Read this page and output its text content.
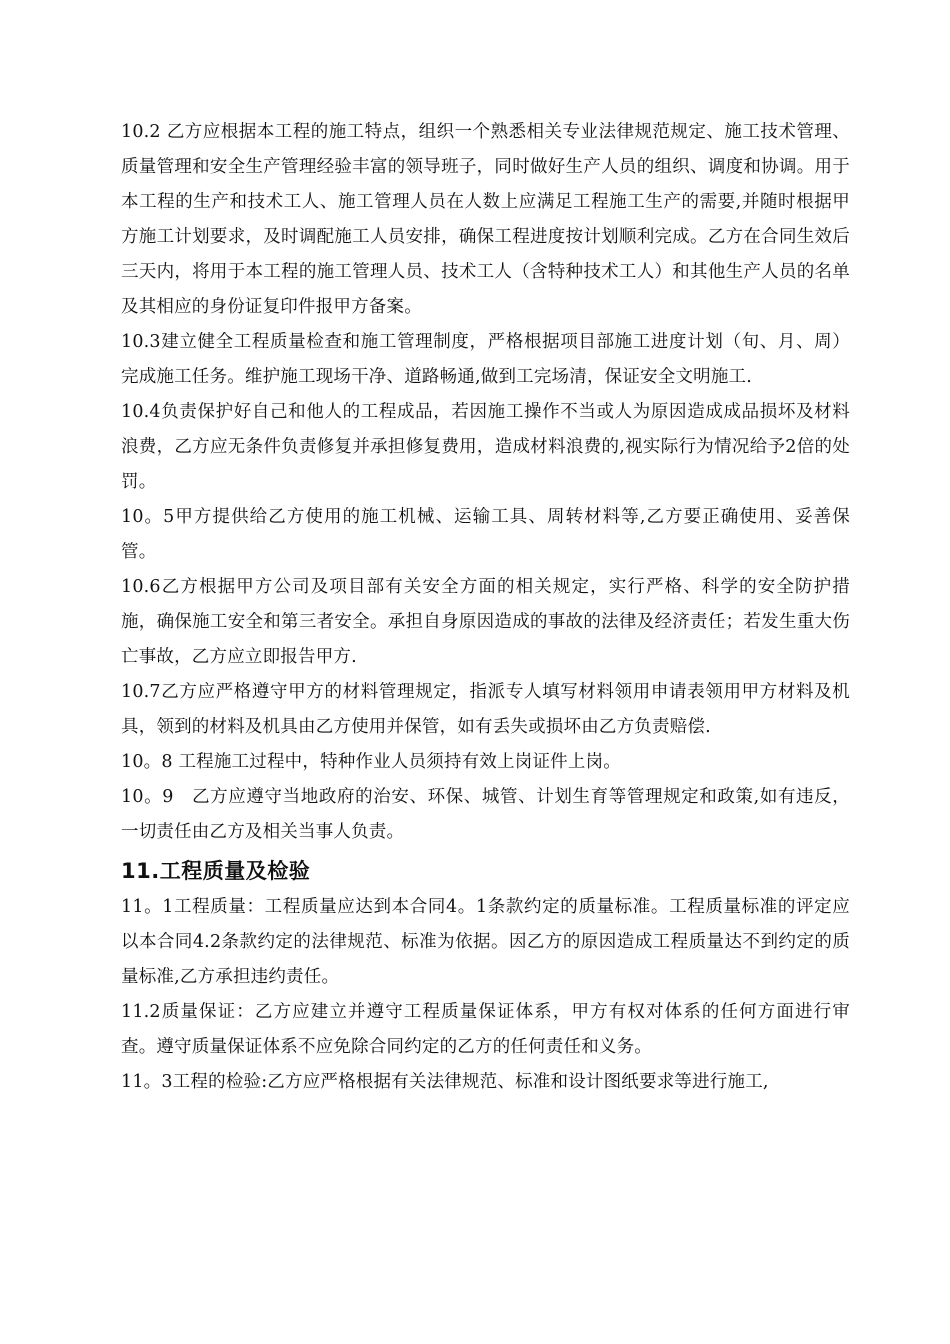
10.2 乙方应根据本工程的施工特点，组织一个熟悉相关专业法律规范规定、施工技术管理、质量管理和安全生产管理经验丰富的领导班子，同时做好生产人员的组织、调度和协调。用于本工程的生产和技术工人、施工管理人员在人数上应满足工程施工生产的需要,并随时根据甲方施工计划要求，及时调配施工人员安排，确保工程进度按计划顺利完成。乙方在合同生效后三天内，将用于本工程的施工管理人员、技术工人（含特种技术工人）和其他生产人员的名单及其相应的身份证复印件报甲方备案。

10.3建立健全工程质量检查和施工管理制度，严格根据项目部施工进度计划（旬、月、周）完成施工任务。维护施工现场干净、道路畅通,做到工完场清，保证安全文明施工.

10.4负责保护好自己和他人的工程成品，若因施工操作不当或人为原因造成成品损坏及材料浪费，乙方应无条件负责修复并承担修复费用，造成材料浪费的,视实际行为情况给予2倍的处罚。

10。5甲方提供给乙方使用的施工机械、运输工具、周转材料等,乙方要正确使用、妥善保管。

10.6乙方根据甲方公司及项目部有关安全方面的相关规定，实行严格、科学的安全防护措施，确保施工安全和第三者安全。承担自身原因造成的事故的法律及经济责任；若发生重大伤亡事故，乙方应立即报告甲方.

10.7乙方应严格遵守甲方的材料管理规定，指派专人填写材料领用申请表领用甲方材料及机具，领到的材料及机具由乙方使用并保管，如有丢失或损坏由乙方负责赔偿.

10。8 工程施工过程中，特种作业人员须持有效上岗证件上岗。

10。9　乙方应遵守当地政府的治安、环保、城管、计划生育等管理规定和政策,如有违反，一切责任由乙方及相关当事人负责。

11.工程质量及检验

11。1工程质量：工程质量应达到本合同4。1条款约定的质量标准。工程质量标准的评定应以本合同4.2条款约定的法律规范、标准为依据。因乙方的原因造成工程质量达不到约定的质量标准,乙方承担违约责任。

11.2质量保证：乙方应建立并遵守工程质量保证体系，甲方有权对体系的任何方面进行审查。遵守质量保证体系不应免除合同约定的乙方的任何责任和义务。

11。3工程的检验:乙方应严格根据有关法律规范、标准和设计图纸要求等进行施工,
